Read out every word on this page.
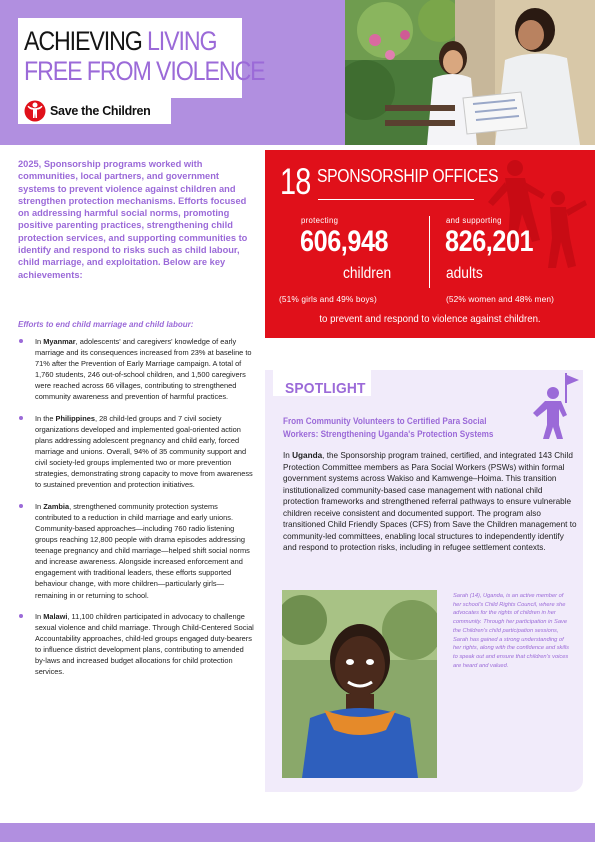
ACHIEVING LIVING
FREE FROM VIOLENCE
Save the Children
2025, Sponsorship programs worked with communities, local partners, and government systems to prevent violence against children and strengthen protection mechanisms. Efforts focused on addressing harmful social norms, promoting positive parenting practices, strengthening child protection services, and supporting communities to identify and respond to risks such as child labour, child marriage, and exploitation. Below are key achievements:
Efforts to end child marriage and child labour:
In Myanmar, adolescents' and caregivers' knowledge of early marriage and its consequences increased from 23% at baseline to 71% after the Prevention of Early Marriage campaign. A total of 1,760 students, 246 out-of-school children, and 1,500 caregivers were reached across 66 villages, contributing to strengthened community awareness and prevention of harmful practices.
In the Philippines, 28 child-led groups and 7 civil society organizations developed and implemented goal-oriented action plans addressing adolescent pregnancy and child early, forced marriage and unions. Overall, 94% of 35 community support and civil society-led groups implemented two or more prevention strategies, demonstrating strong capacity to move from awareness to sustained prevention and protection initiatives.
In Zambia, strengthened community protection systems contributed to a reduction in child marriage and early unions. Community-based approaches—including 760 radio listening groups reaching 12,800 people with drama episodes addressing teenage pregnancy and child marriage—helped shift social norms and increase awareness. Alongside increased enforcement and engagement with traditional leaders, these efforts supported behaviour change, with more children—particularly girls—remaining in or returning to school.
In Malawi, 11,100 children participated in advocacy to challenge sexual violence and child marriage. Through Child-Centered Social Accountability approaches, child-led groups engaged duty-bearers to influence district development plans, contributing to amended by-laws and increased budget allocations for child protection services.
18 SPONSORSHIP OFFICES
protecting
606,948
children
(51% girls and 49% boys)
and supporting
826,201
adults
(52% women and 48% men)
to prevent and respond to violence against children.
SPOTLIGHT
From Community Volunteers to Certified Para Social
Workers: Strengthening Uganda's Protection Systems
In Uganda, the Sponsorship program trained, certified, and integrated 143 Child Protection Committee members as Para Social Workers (PSWs) within formal government systems across Wakiso and Kamwenge–Hoima. This transition institutionalized community-based case management with national child protection frameworks and strengthened referral pathways to ensure vulnerable children receive consistent and documented support. The program also transitioned Child Friendly Spaces (CFS) from Save the Children management to community-led committees, enabling local structures to independently identify and respond to protection risks, including in refugee settlement contexts.
Sarah (14), Uganda, is an active member of her school's Child Rights Council, where she advocates for the rights of children in her community. Through her participation in Save the Children's child participation sessions, Sarah has gained a strong understanding of her rights, along with the confidence and skills to speak out and ensure that children's voices are heard and valued.
